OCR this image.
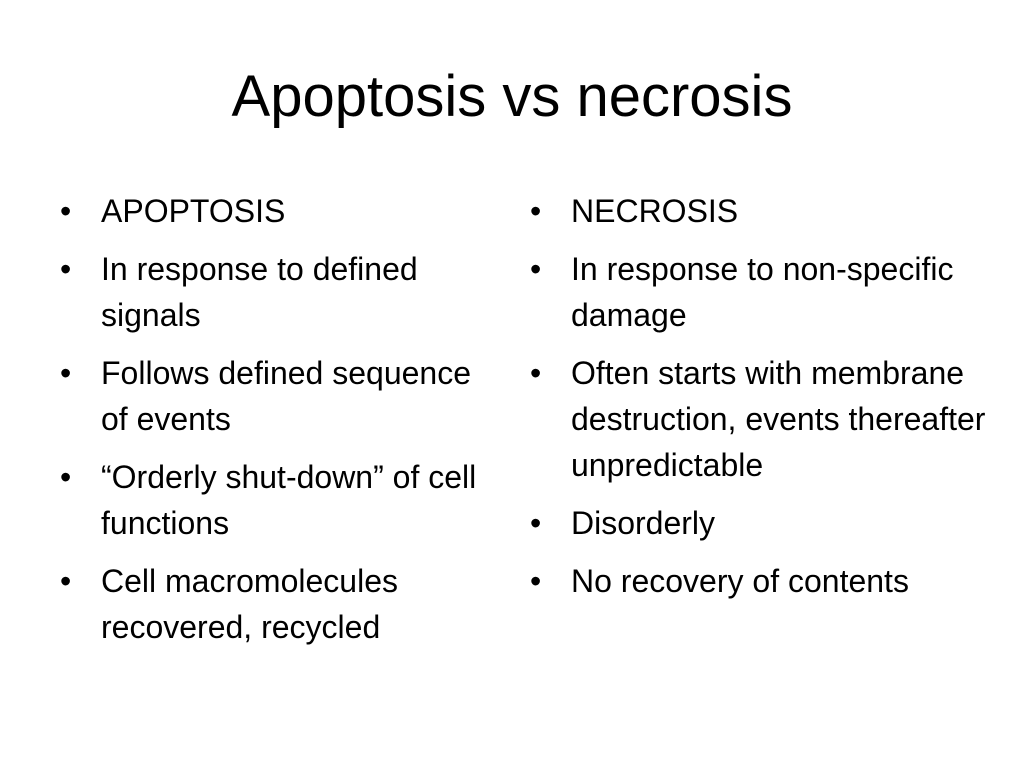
Apoptosis vs necrosis
• APOPTOSIS
• In response to defined signals
• Follows defined sequence of events
• “Orderly shut-down” of cell functions
• Cell macromolecules recovered, recycled
• NECROSIS
• In response to non-specific damage
• Often starts with membrane destruction, events thereafter unpredictable
• Disorderly
• No recovery of contents
